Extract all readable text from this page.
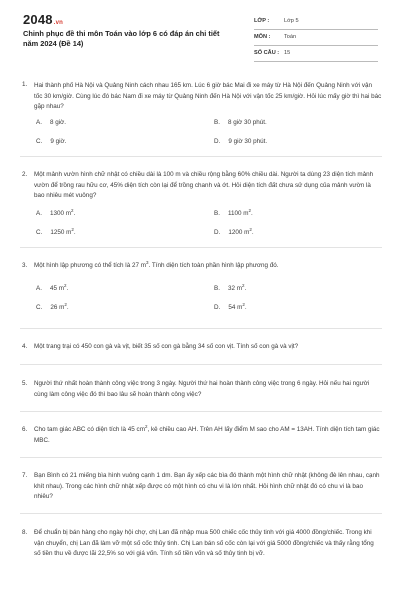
2048.vn
Chinh phục đề thi môn Toán vào lớp 6 có đáp án chi tiết năm 2024 (Đề 14)
LỚP :	Lớp 5
MÔN : Toán
SỐ CÂU : 15
1. Hai thành phố Hà Nội và Quảng Ninh cách nhau 165 km. Lúc 6 giờ bác Mai đi xe máy từ Hà Nội đến Quảng Ninh với vận tốc 30 km/giờ. Cùng lúc đó bác Nam đi xe máy từ Quảng Ninh đến Hà Nội với vận tốc 25 km/giờ. Hỏi lúc mấy giờ thì hai bác gặp nhau?
A. 8 giờ.	B. 8 giờ 30 phút.
C. 9 giờ.	D. 9 giờ 30 phút.
2. Một mảnh vườn hình chữ nhật có chiều dài là 100 m và chiều rộng bằng 60% chiều dài. Người ta dùng 23 diện tích mảnh vườn để trồng rau hữu cơ, 45% diện tích còn lại để trồng chanh và ớt. Hỏi diện tích đất chưa sử dụng của mảnh vườn là bao nhiêu mét vuông?
A. 1300 $m^2$.	B. 1100 $m^2$.
C. 1250 $m^2$.	D. 1200 $m^2$.
3. Một hình lập phương có thể tích là 27 $m^3$. Tính diện tích toàn phần hình lập phương đó.
A. 45 $m^2$.	B. 32 $m^2$.
C. 26 $m^2$.	D. 54 $m^2$.
4. Một trang trại có 450 con gà và vịt, biết 35 số con gà bằng 34 số con vịt. Tính số con gà và vịt?
5. Người thứ nhất hoàn thành công việc trong 3 ngày. Người thứ hai hoàn thành công việc trong 6 ngày. Hỏi nếu hai người cùng làm công việc đó thì bao lâu sẽ hoàn thành công việc?
6. Cho tam giác ABC có diện tích là 45 $cm^2$, kẻ chiều cao AH. Trên AH lấy điểm M sao cho AM = 13AH. Tính diện tích tam giác MBC.
7. Bạn Bình có 21 miếng bìa hình vuông cạnh 1 dm. Bạn ấy xếp các bìa đó thành một hình chữ nhật (không đè lên nhau, cạnh khít nhau). Trong các hình chữ nhật xếp được có một hình có chu vi là lớn nhất. Hỏi hình chữ nhật đó có chu vi là bao nhiêu?
8. Để chuẩn bị bán hàng cho ngày hội chợ, chị Lan đã nhập mua 500 chiếc cốc thủy tinh với giá 4000 đồng/chiếc. Trong khi vận chuyển, chị Lan đã làm vỡ một số cốc thủy tinh. Chị Lan bán số cốc còn lại với giá 5000 đồng/chiếc và thấy rằng tổng số tiền thu về được lãi 22,5% so với giá vốn. Tính số tiền vốn và số thủy tinh bị vỡ.
